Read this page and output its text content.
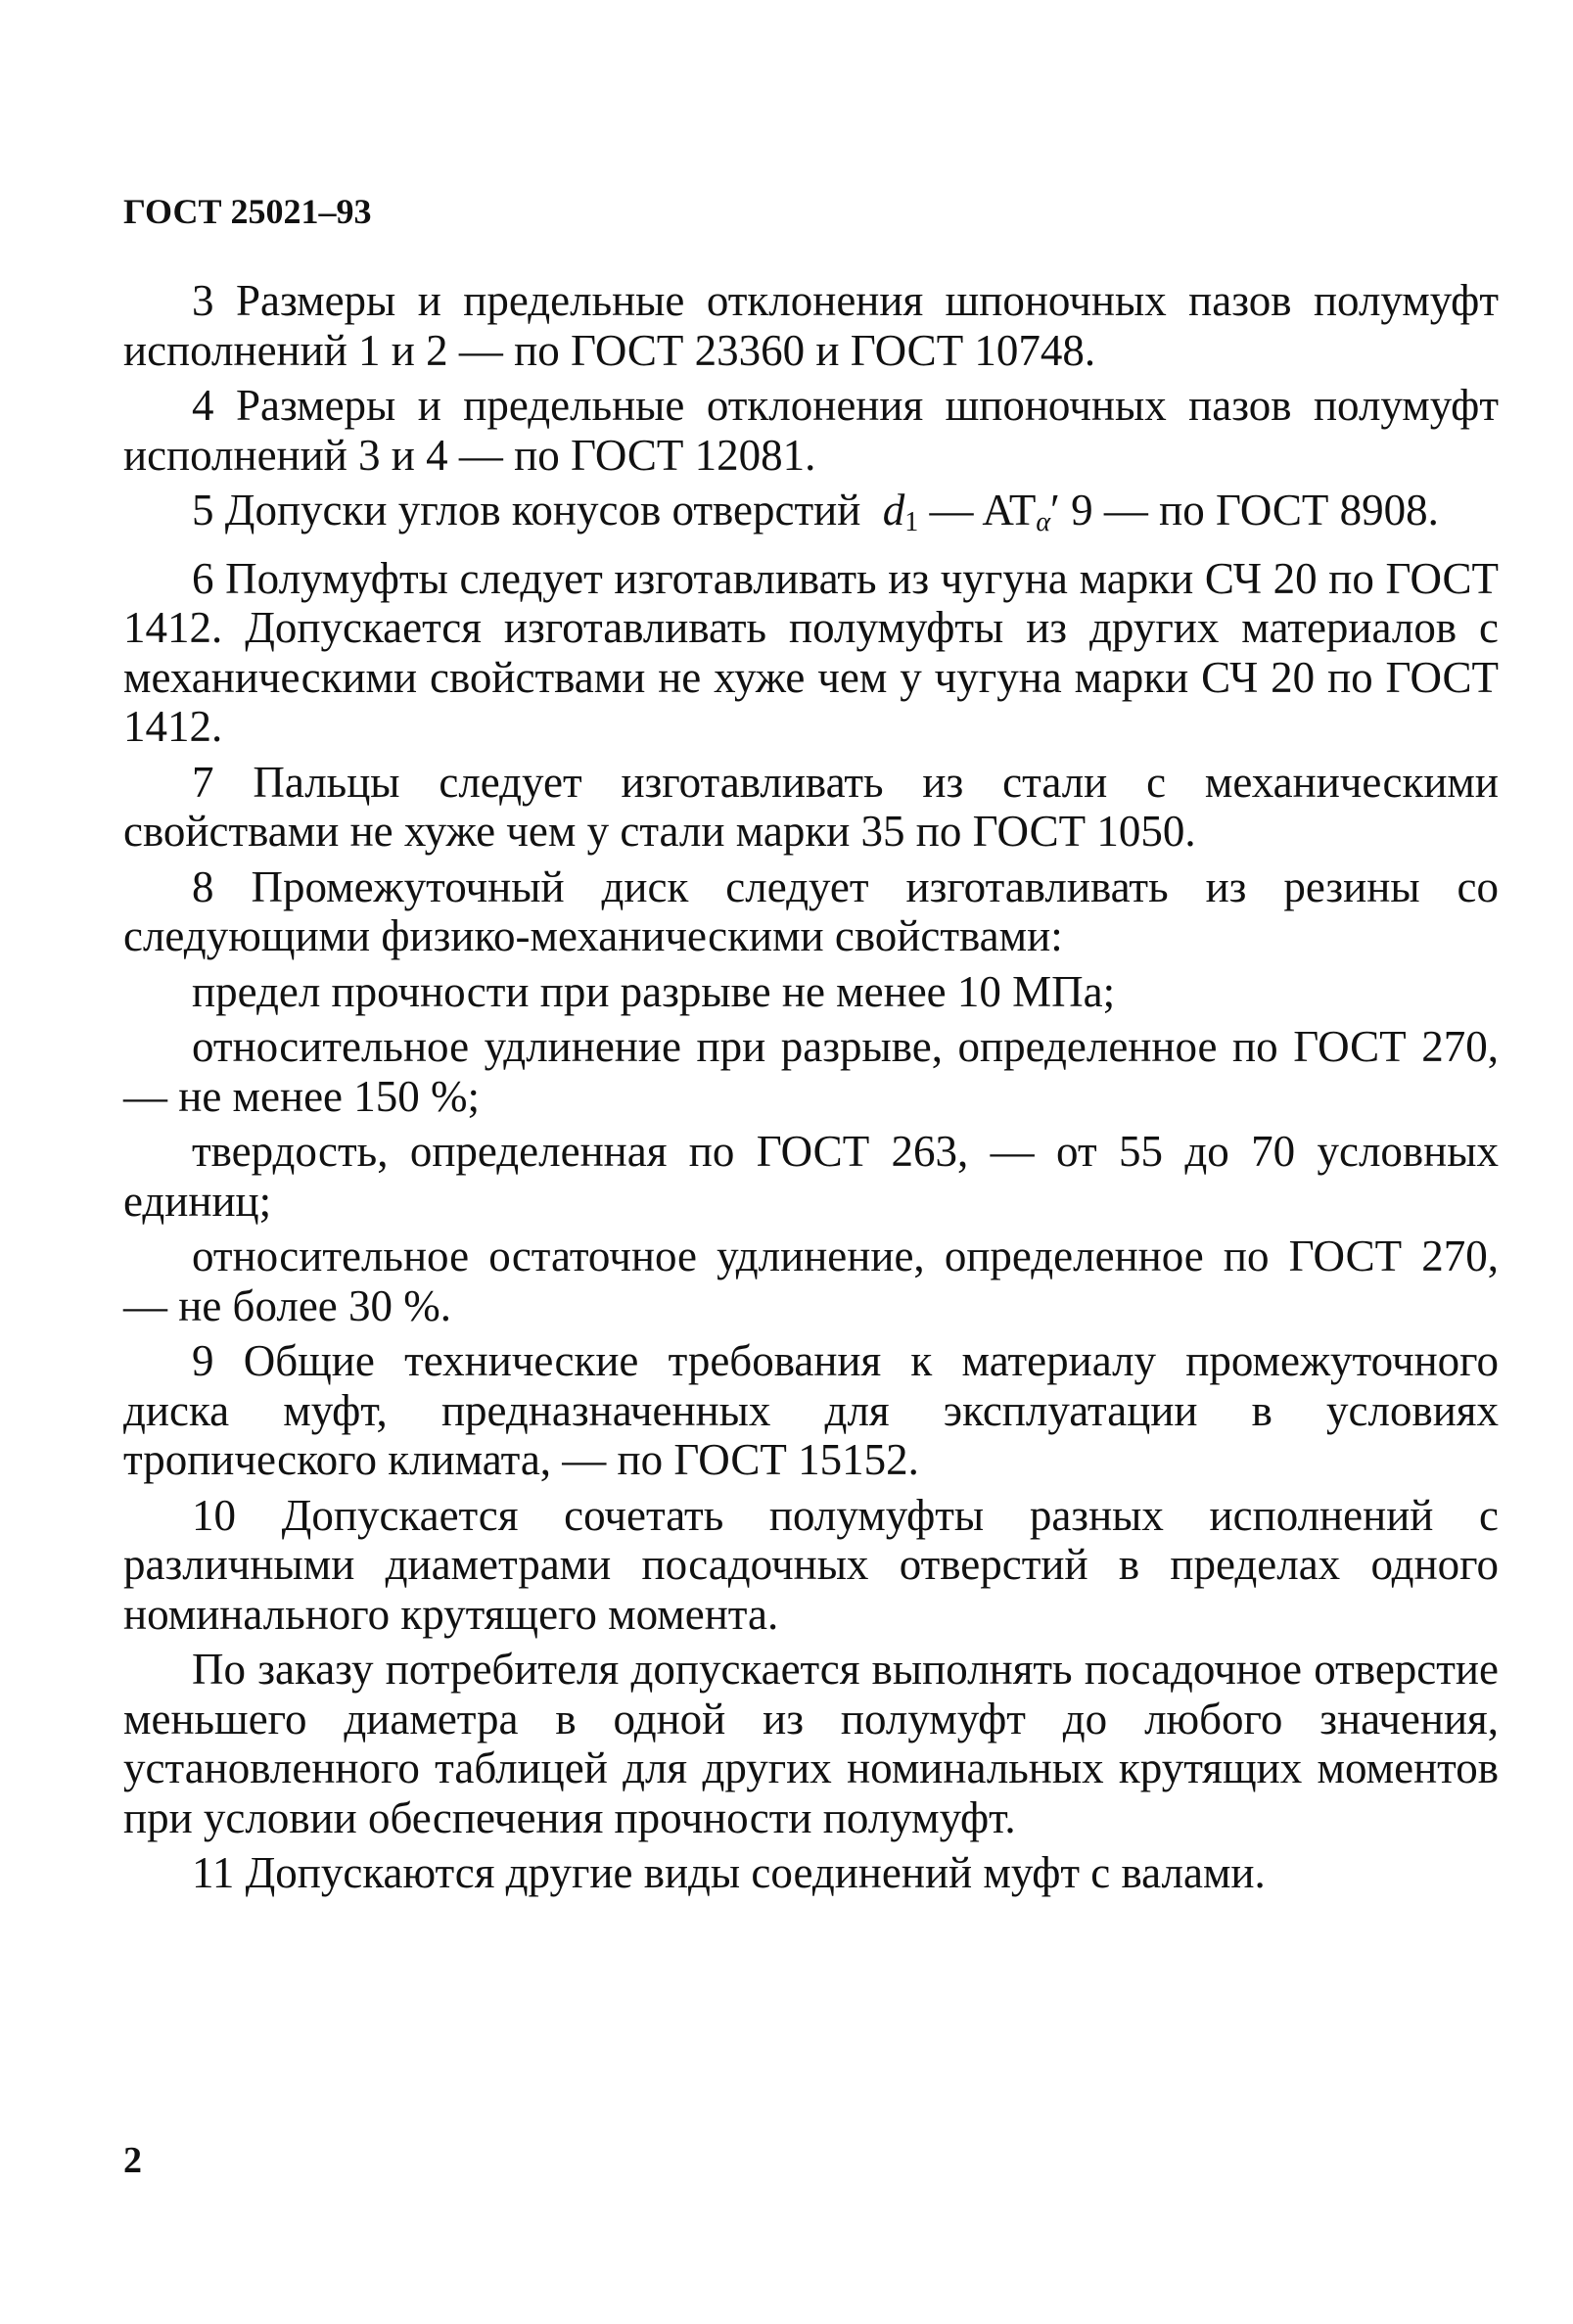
ГОСТ 25021–93

3 Размеры и предельные отклонения шпоночных пазов полумуфт исполнений 1 и 2 — по ГОСТ 23360 и ГОСТ 10748.

4 Размеры и предельные отклонения шпоночных пазов полумуфт исполнений 3 и 4 — по ГОСТ 12081.

5 Допуски углов конусов отверстий $d_1$ — $AT_\alpha'$ 9 — по ГОСТ 8908.

6 Полумуфты следует изготавливать из чугуна марки СЧ 20 по ГОСТ 1412. Допускается изготавливать полумуфты из других материалов с механическими свойствами не хуже чем у чугуна марки СЧ 20 по ГОСТ 1412.

7 Пальцы следует изготавливать из стали с механическими свойствами не хуже чем у стали марки 35 по ГОСТ 1050.

8 Промежуточный диск следует изготавливать из резины со следующими физико-механическими свойствами:

предел прочности при разрыве не менее 10 МПа;

относительное удлинение при разрыве, определенное по ГОСТ 270, — не менее 150 %;

твердость, определенная по ГОСТ 263, — от 55 до 70 условных единиц;

относительное остаточное удлинение, определенное по ГОСТ 270, — не более 30 %.

9 Общие технические требования к материалу промежуточного диска муфт, предназначенных для эксплуатации в условиях тропического климата, — по ГОСТ 15152.

10 Допускается сочетать полумуфты разных исполнений с различными диаметрами посадочных отверстий в пределах одного номинального крутящего момента.

По заказу потребителя допускается выполнять посадочное отверстие меньшего диаметра в одной из полумуфт до любого значения, установленного таблицей для других номинальных крутящих моментов при условии обеспечения прочности полумуфт.

11 Допускаются другие виды соединений муфт с валами.

2
